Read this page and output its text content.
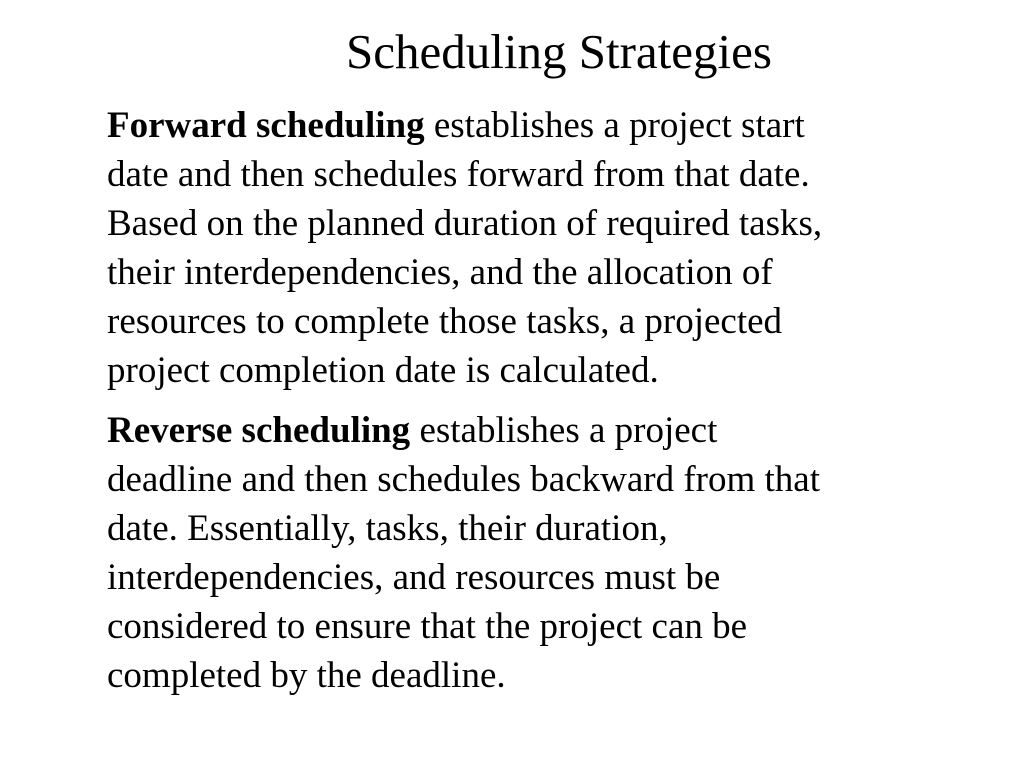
Scheduling Strategies
Forward scheduling establishes a project start
date and then schedules forward from that date.
Based on the planned duration of required tasks,
their interdependencies, and the allocation of
resources to complete those tasks, a projected
project completion date is calculated.
Reverse scheduling establishes a project
deadline and then schedules backward from that
date. Essentially, tasks, their duration,
interdependencies, and resources must be
considered to ensure that the project can be
completed by the deadline.
